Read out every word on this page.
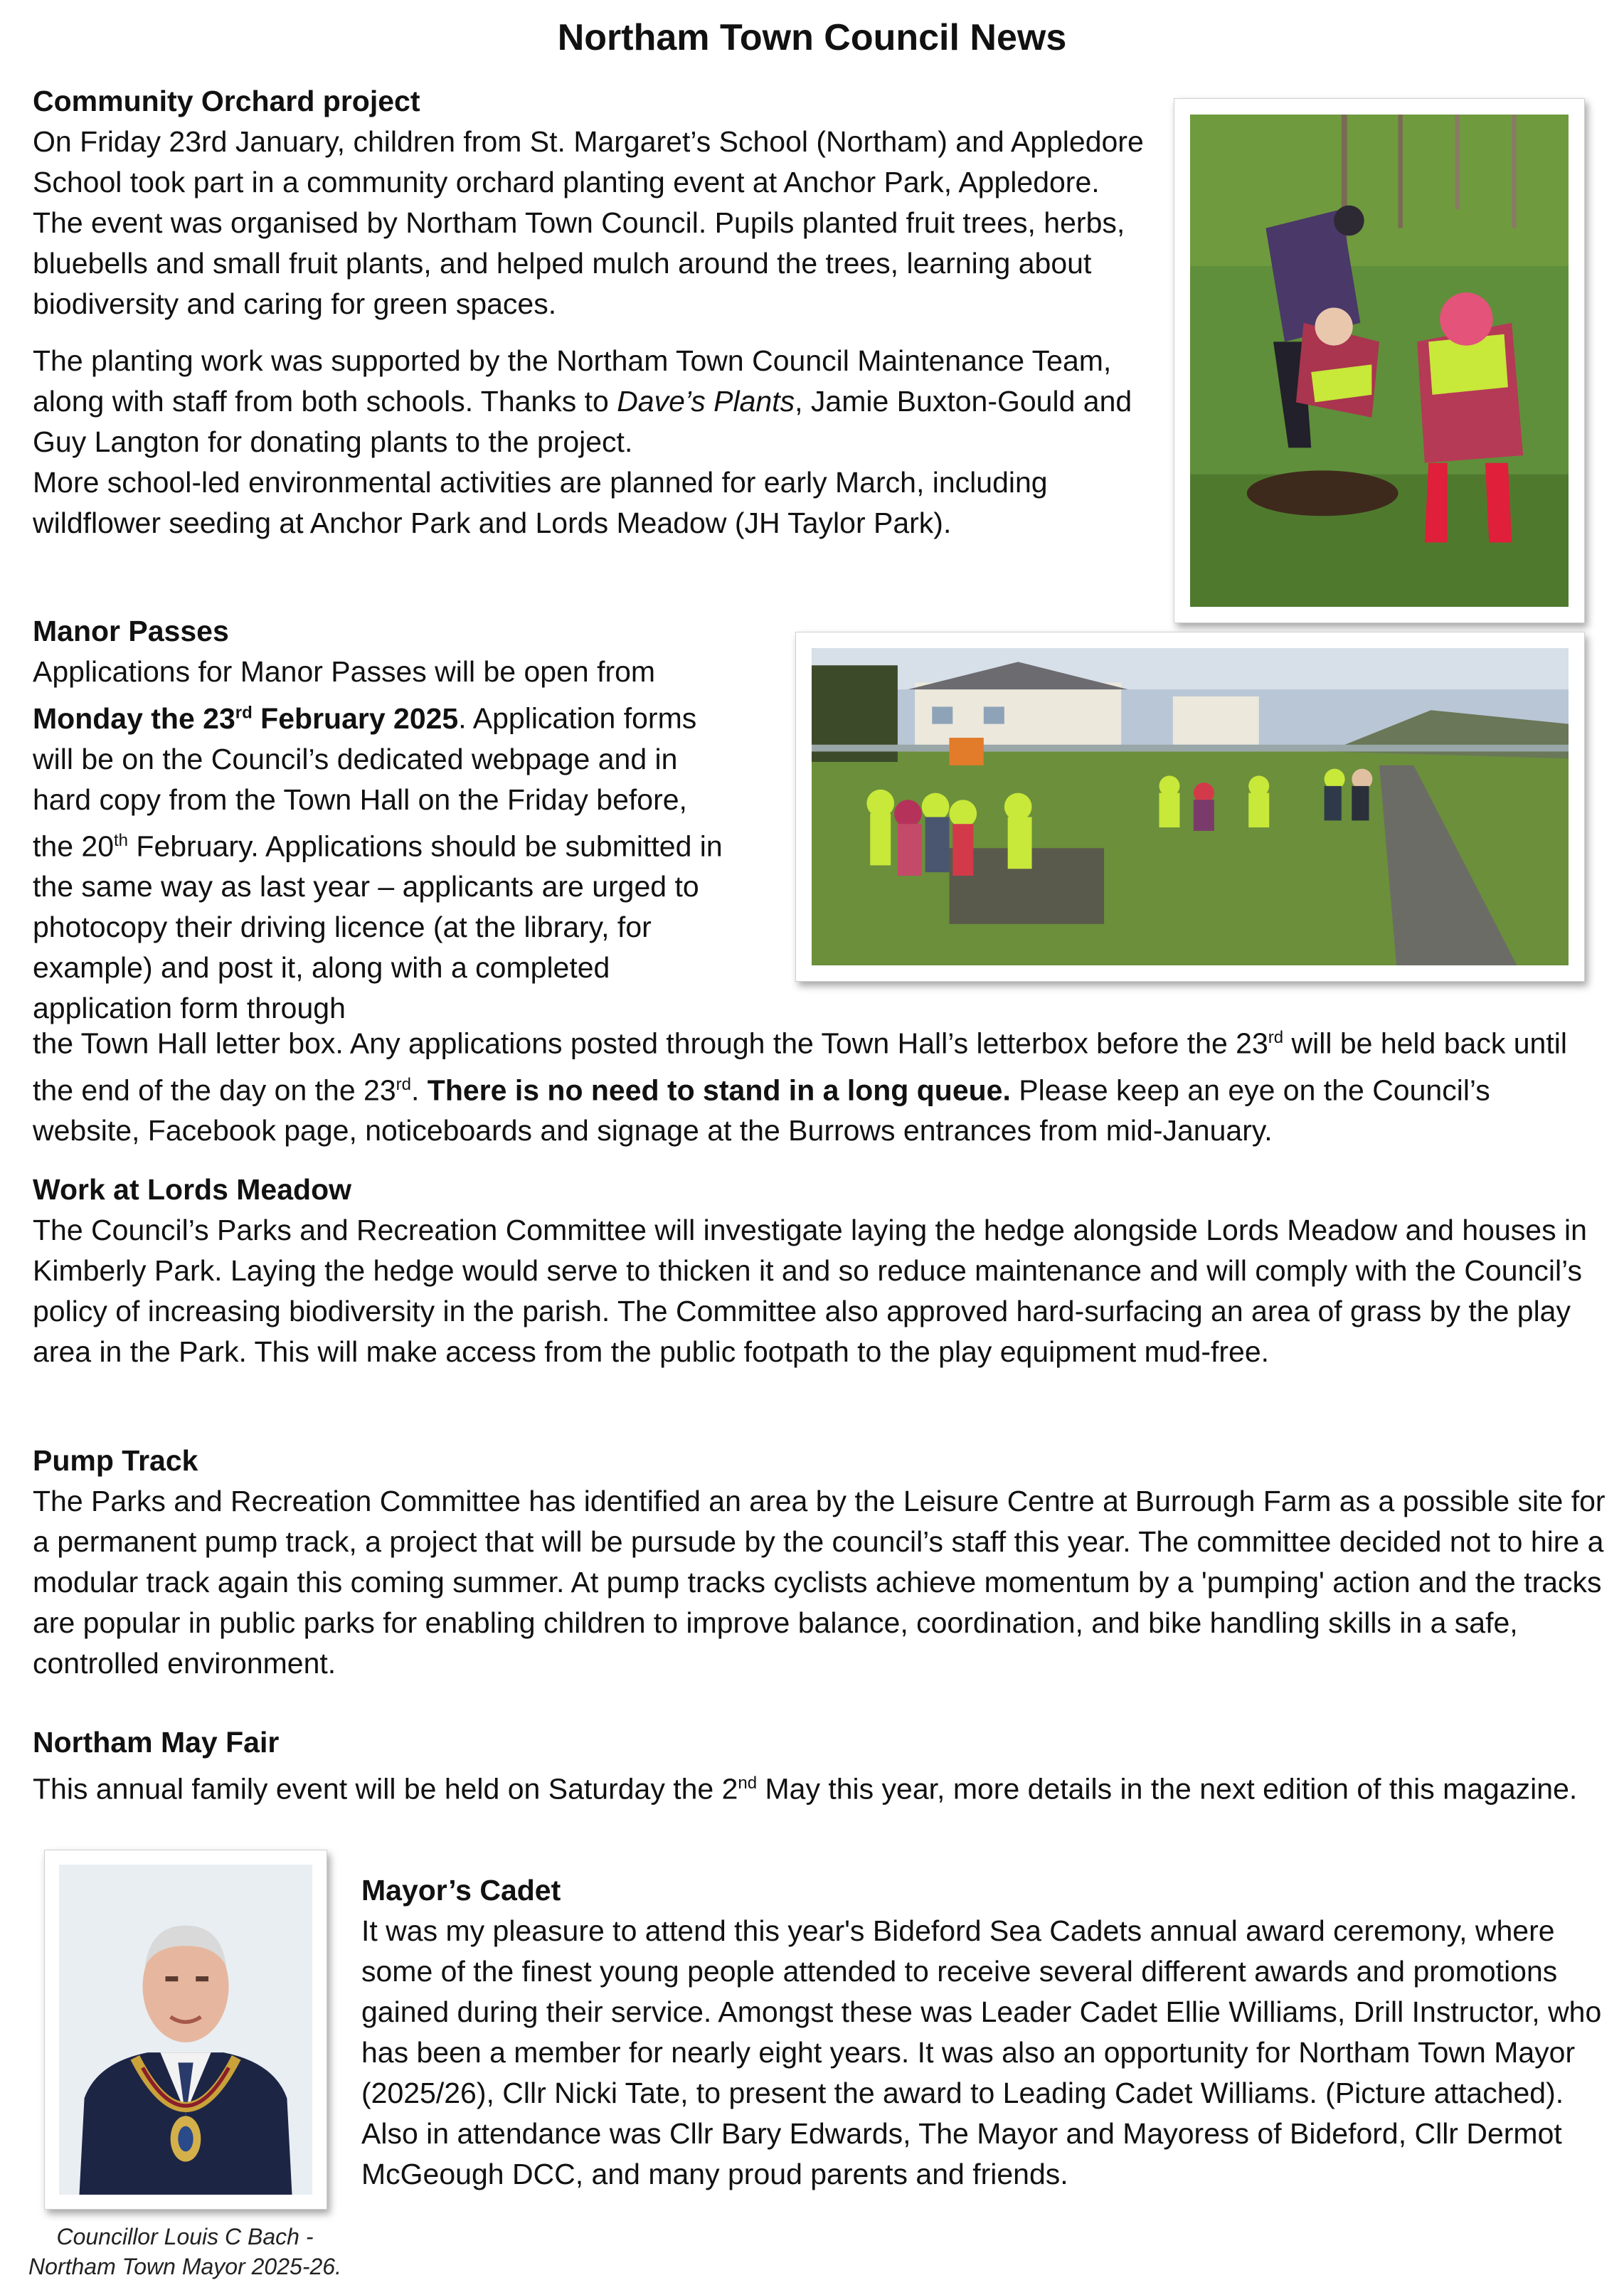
Northam Town Council News
Community Orchard project

On Friday 23rd January, children from St. Margaret’s School (Northam) and Appledore School took part in a community orchard planting event at Anchor Park, Appledore. The event was organised by Northam Town Council. Pupils planted fruit trees, herbs, bluebells and small fruit plants, and helped mulch around the trees, learning about biodiversity and caring for green spaces.

The planting work was supported by the Northam Town Council Maintenance Team, along with staff from both schools. Thanks to Dave’s Plants, Jamie Buxton-Gould and Guy Langton for donating plants to the project.

More school-led environmental activities are planned for early March, including wildflower seeding at Anchor Park and Lords Meadow (JH Taylor Park).

Manor Passes

Applications for Manor Passes will be open from Monday the 23rd February 2025. Application forms will be on the Council’s dedicated webpage and in hard copy from the Town Hall on the Friday before, the 20th February. Applications should be submitted in the same way as last year – applicants are urged to photocopy their driving licence (at the library, for example) and post it, along with a completed application form through

the Town Hall letter box. Any applications posted through the Town Hall’s letterbox before the 23rd will be held back until the end of the day on the 23rd. There is no need to stand in a long queue. Please keep an eye on the Council’s website, Facebook page, noticeboards and signage at the Burrows entrances from mid-January.

Work at Lords Meadow

The Council’s Parks and Recreation Committee will investigate laying the hedge alongside Lords Meadow and houses in Kimberly Park. Laying the hedge would serve to thicken it and so reduce maintenance and will comply with the Council’s policy of increasing biodiversity in the parish. The Committee also approved hard-surfacing an area of grass by the play area in the Park. This will make access from the public footpath to the play equipment mud-free.

Pump Track

The Parks and Recreation Committee has identified an area by the Leisure Centre at Burrough Farm as a possible site for a permanent pump track, a project that will be pursude by the council’s staff this year. The committee decided not to hire a modular track again this coming summer. At pump tracks cyclists achieve momentum by a 'pumping' action and the tracks are popular in public parks for enabling children to improve balance, coordination, and bike handling skills in a safe, controlled environment.

Northam May Fair

This annual family event will be held on Saturday the 2nd May this year, more details in the next edition of this magazine.

Councillor Louis C Bach -
Northam Town Mayor 2025-26.
Mayor’s Cadet

It was my pleasure to attend this year's Bideford Sea Cadets annual award ceremony, where some of the finest young people attended to receive several different awards and promotions gained during their service. Amongst these was Leader Cadet Ellie Williams, Drill Instructor, who has been a member for nearly eight years. It was also an opportunity for Northam Town Mayor (2025/26), Cllr Nicki Tate, to present the award to Leading Cadet Williams. (Picture attached). Also in attendance was Cllr Bary Edwards, The Mayor and Mayoress of Bideford, Cllr Dermot McGeough DCC, and many proud parents and friends.
